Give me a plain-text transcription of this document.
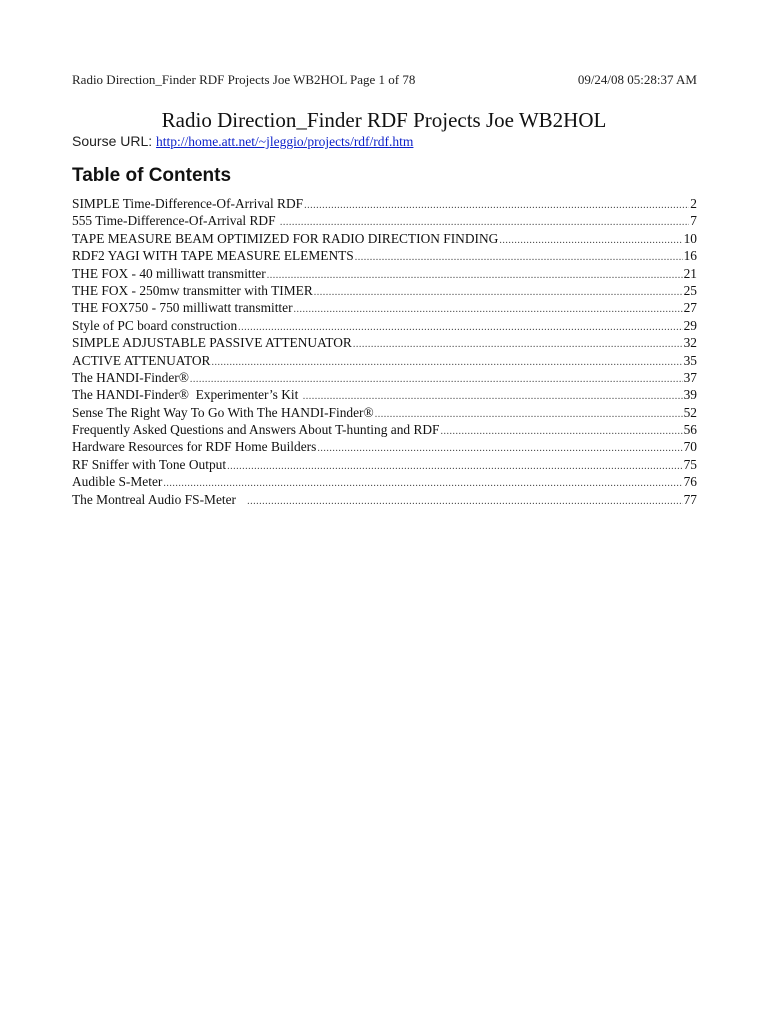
Radio Direction_Finder RDF Projects Joe WB2HOL Page 1 of 78	09/24/08 05:28:37 AM
Radio Direction_Finder RDF Projects Joe WB2HOL
Sourse URL: http://home.att.net/~jleggio/projects/rdf/rdf.htm
Table of Contents
SIMPLE Time-Difference-Of-Arrival RDF .....	2
555 Time-Difference-Of-Arrival RDF .....	7
TAPE MEASURE BEAM OPTIMIZED FOR RADIO DIRECTION FINDING .....	10
RDF2 YAGI WITH TAPE MEASURE ELEMENTS .....	16
THE FOX - 40 milliwatt transmitter .....	21
THE FOX - 250mw transmitter with TIMER .....	25
THE FOX750 - 750 milliwatt transmitter .....	27
Style of PC board construction .....	29
SIMPLE ADJUSTABLE PASSIVE ATTENUATOR .....	32
ACTIVE ATTENUATOR .....	35
The HANDI-Finder® .....	37
The HANDI-Finder®  Experimenter’s Kit .....	39
Sense The Right Way To Go With The HANDI-Finder® .....	52
Frequently Asked Questions and Answers About T-hunting and RDF .....	56
Hardware Resources for RDF Home Builders .....	70
RF Sniffer with Tone Output .....	75
Audible S-Meter .....	76
The Montreal Audio FS-Meter .....	77
